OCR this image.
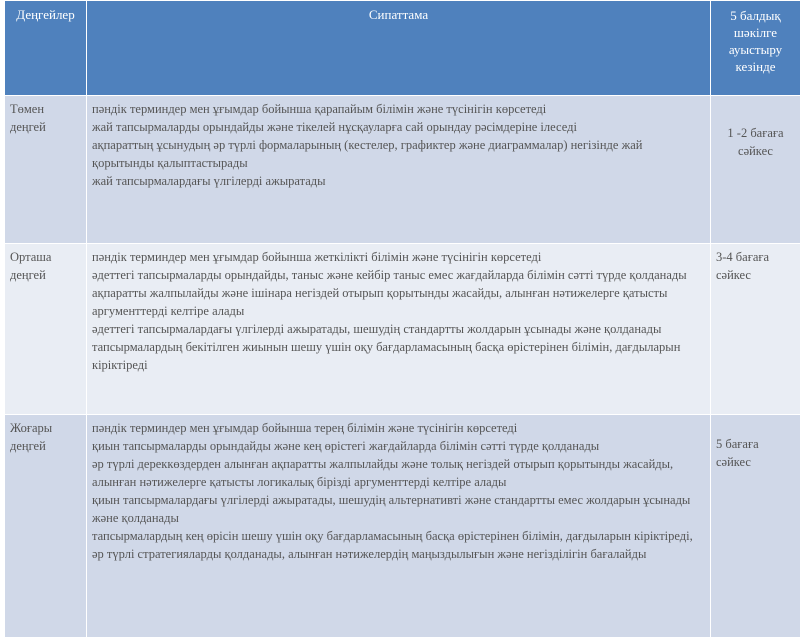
Деңгейлер	Сипаттама	5 балдық шәкілге ауыстыру кезінде
Төмен деңгей	пәндік терминдер мен ұғымдар бойынша қарапайым білімін және түсінігін көрсетеді
жай тапсырмаларды орындайды және тікелей нұсқауларға сай орындау рәсімдеріне ілеседі
ақпараттың ұсынудың әр түрлі формаларының (кестелер, графиктер және диаграммалар) негізінде жай қорытынды қалыптастырады
жай тапсырмалардағы үлгілерді ажыратады	1 -2 бағаға сәйкес
Орташа деңгей	пәндік терминдер мен ұғымдар бойынша жеткілікті білімін және түсінігін көрсетеді
әдеттегі тапсырмаларды орындайды, таныс және кейбір таныс емес жағдайларда білімін сәтті түрде қолданады
ақпаратты жалпылайды және ішінара негіздей отырып қорытынды жасайды, алынған нәтижелерге қатысты аргументтерді келтіре алады
әдеттегі тапсырмалардағы үлгілерді ажыратады, шешудің стандартты жолдарын ұсынады және қолданады
тапсырмалардың бекітілген жиынын шешу үшін оқу бағдарламасының басқа өрістерінен білімін, дағдыларын кіріктіреді	3-4 бағаға сәйкес
Жоғары деңгей	пәндік терминдер мен ұғымдар бойынша терең білімін және түсінігін көрсетеді
қиын тапсырмаларды орындайды және кең өрістегі жағдайларда білімін сәтті түрде қолданады
әр түрлі дереккөздерден алынған ақпаратты жалпылайды және толық негіздей отырып қорытынды жасайды, алынған нәтижелерге қатысты логикалық бірізді аргументтерді келтіре алады
қиын тапсырмалардағы үлгілерді ажыратады, шешудің альтернативті және стандартты емес жолдарын ұсынады және қолданады
тапсырмалардың кең өрісін шешу үшін оқу бағдарламасының басқа өрістерінен білімін, дағдыларын кіріктіреді, әр түрлі стратегияларды қолданады, алынған нәтижелердің маңыздылығын және негізділігін бағалайды	5 бағаға сәйкес
